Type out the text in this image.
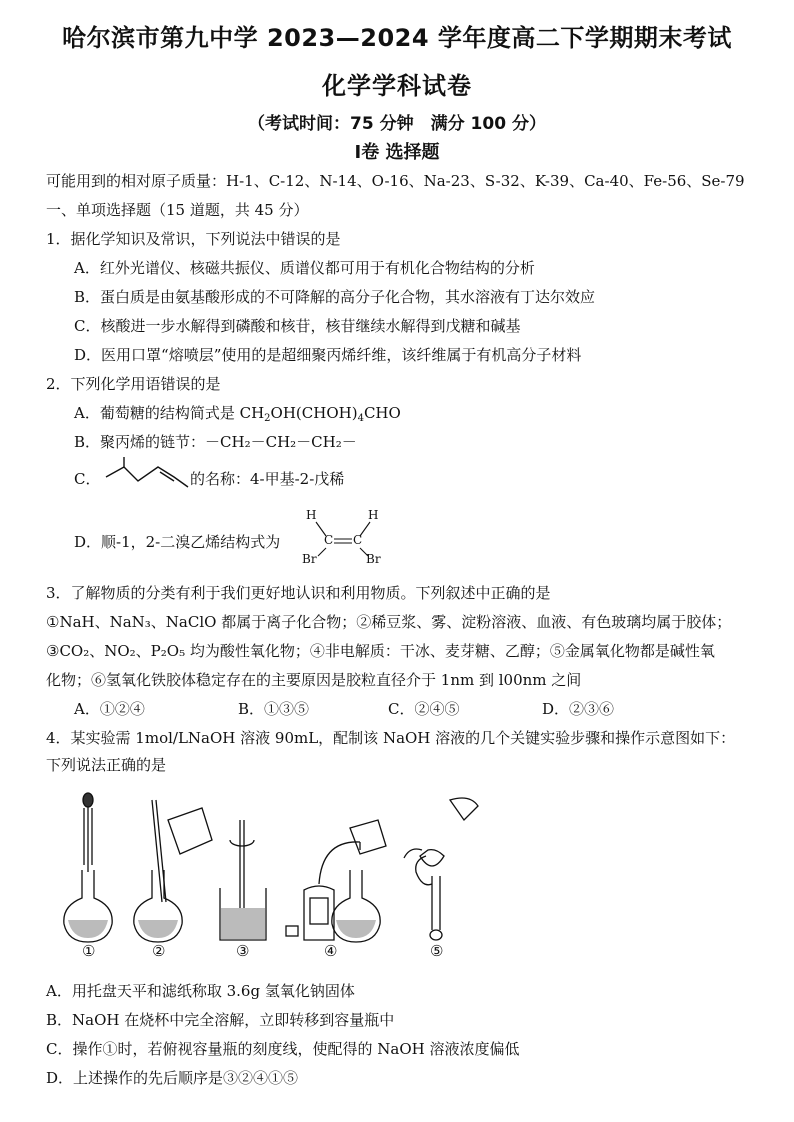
哈尔滨市第九中学 2023—2024 学年度高二下学期期末考试
化学学科试卷
（考试时间：75 分钟　满分 100 分）
Ⅰ卷 选择题
可能用到的相对原子质量：H-1、C-12、N-14、O-16、Na-23、S-32、K-39、Ca-40、Fe-56、Se-79
一、单项选择题（15 道题，共 45 分）
1．据化学知识及常识，下列说法中错误的是
A．红外光谱仪、核磁共振仪、质谱仪都可用于有机化合物结构的分析
B．蛋白质是由氨基酸形成的不可降解的高分子化合物，其水溶液有丁达尔效应
C．核酸进一步水解得到磷酸和核苷，核苷继续水解得到戊糖和碱基
D．医用口罩“熔喷层”使用的是超细聚丙烯纤维，该纤维属于有机高分子材料
2．下列化学用语错误的是
A．葡萄糖的结构简式是 $CH_2OH(CHOH)_4CHO$
B．聚丙烯的链节：－CH₂－CH₂－CH₂－
C．	的名称：4-甲基-2-戊稀
D．顺-1，2-二溴乙烯结构式为
H	H
C C
Br	Br
3．了解物质的分类有利于我们更好地认识和利用物质。下列叙述中正确的是
①NaH、NaN₃、NaClO 都属于离子化合物；②稀豆浆、雾、淀粉溶液、血液、有色玻璃均属于胶体；
③CO₂、NO₂、P₂O₅ 均为酸性氧化物；④非电解质：干冰、麦芽糖、乙醇；⑤金属氧化物都是碱性氧
化物；⑥氢氧化铁胶体稳定存在的主要原因是胶粒直径介于 1nm 到 l00nm 之间
A．①②④	B．①③⑤	C．②④⑤	D．②③⑥
4．某实验需 1mol/LNaOH 溶液 90mL，配制该 NaOH 溶液的几个关键实验步骤和操作示意图如下：
下列说法正确的是
①	②	③	④	⑤
A．用托盘天平和滤纸称取 3.6g 氢氧化钠固体
B．NaOH 在烧杯中完全溶解，立即转移到容量瓶中
C．操作①时，若俯视容量瓶的刻度线，使配得的 NaOH 溶液浓度偏低
D．上述操作的先后顺序是③②④①⑤
